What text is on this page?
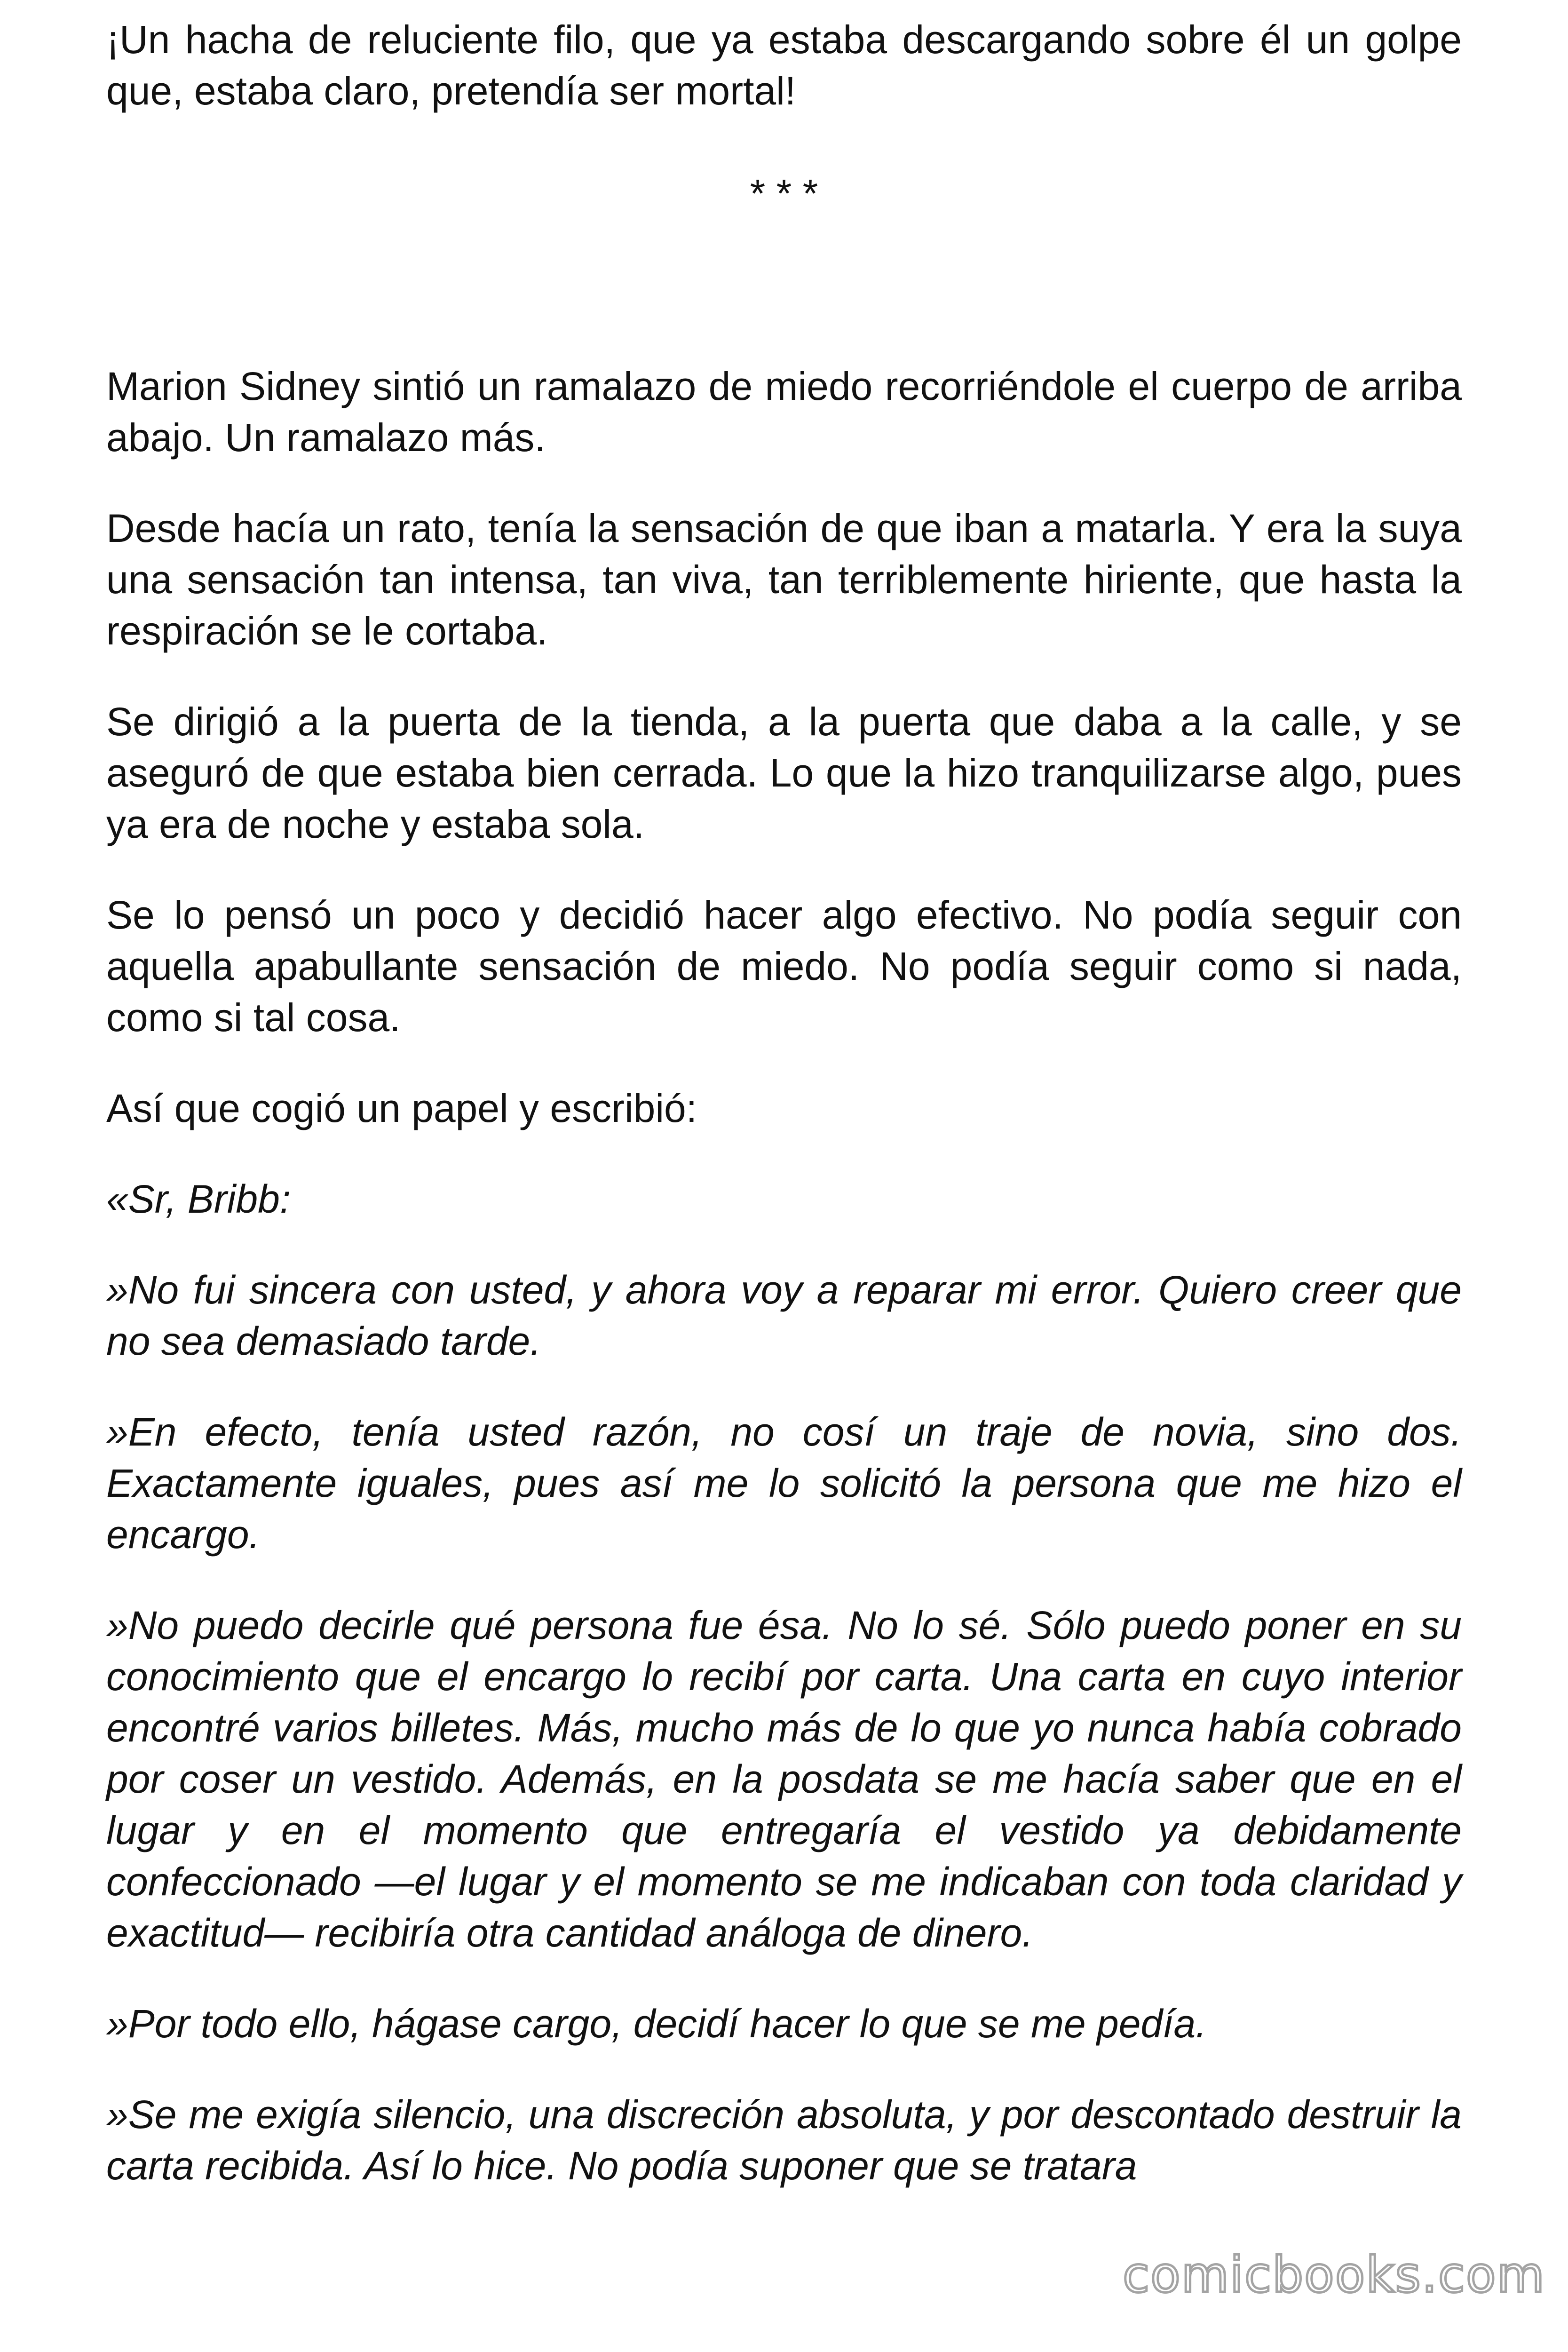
¡Un hacha de reluciente filo, que ya estaba descargando sobre él un golpe que, estaba claro, pretendía ser mortal!

* * *

Marion Sidney sintió un ramalazo de miedo recorriéndole el cuerpo de arriba abajo. Un ramalazo más.

Desde hacía un rato, tenía la sensación de que iban a matarla. Y era la suya una sensación tan intensa, tan viva, tan terriblemente hiriente, que hasta la respiración se le cortaba.

Se dirigió a la puerta de la tienda, a la puerta que daba a la calle, y se aseguró de que estaba bien cerrada. Lo que la hizo tranquilizarse algo, pues ya era de noche y estaba sola.

Se lo pensó un poco y decidió hacer algo efectivo. No podía seguir con aquella apabullante sensación de miedo. No podía seguir como si nada, como si tal cosa.

Así que cogió un papel y escribió:

«Sr, Bribb:

»No fui sincera con usted, y ahora voy a reparar mi error. Quiero creer que no sea demasiado tarde.

»En efecto, tenía usted razón, no cosí un traje de novia, sino dos. Exactamente iguales, pues así me lo solicitó la persona que me hizo el encargo.

»No puedo decirle qué persona fue ésa. No lo sé. Sólo puedo poner en su conocimiento que el encargo lo recibí por carta. Una carta en cuyo interior encontré varios billetes. Más, mucho más de lo que yo nunca había cobrado por coser un vestido. Además, en la posdata se me hacía saber que en el lugar y en el momento que entregaría el vestido ya debidamente confeccionado —el lugar y el momento se me indicaban con toda claridad y exactitud— recibiría otra cantidad análoga de dinero.

»Por todo ello, hágase cargo, decidí hacer lo que se me pedía.

»Se me exigía silencio, una discreción absoluta, y por descontado destruir la carta recibida. Así lo hice. No podía suponer que se tratara

comicbooks.com
